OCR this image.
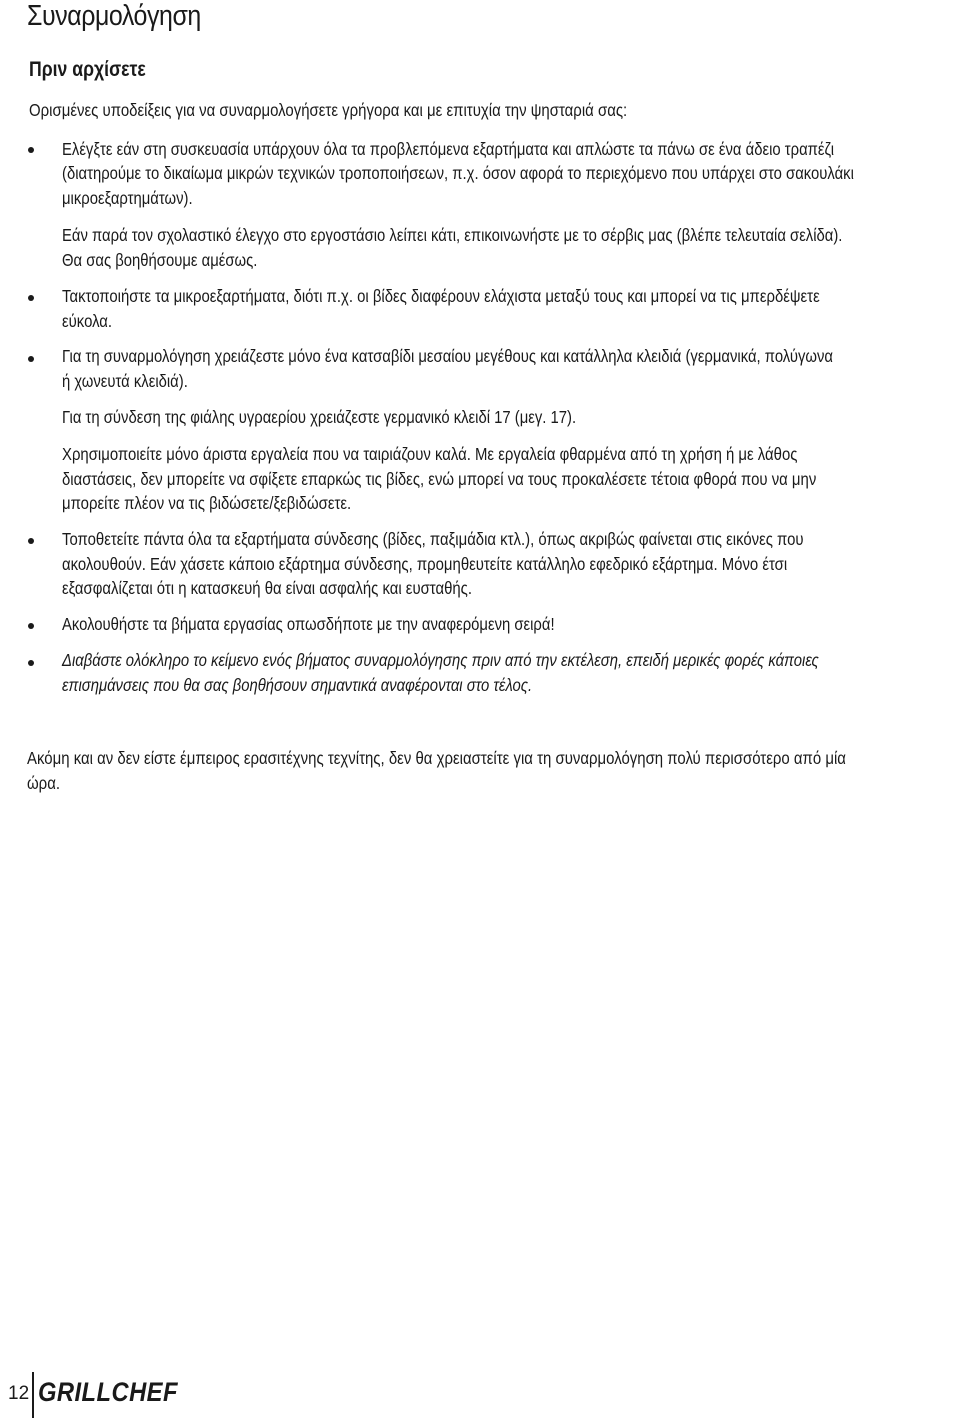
Συναρμολόγηση
Πριν αρχίσετε
Ορισμένες υποδείξεις για να συναρμολογήσετε γρήγορα και με επιτυχία την ψησταριά σας:
Ελέγξτε εάν στη συσκευασία υπάρχουν όλα τα προβλεπόμενα εξαρτήματα και απλώστε τα πάνω σε ένα άδειο τραπέζι
(διατηρούμε το δικαίωμα μικρών τεχνικών τροποποιήσεων, π.χ. όσον αφορά το περιεχόμενο που υπάρχει στο σακουλάκι
μικροεξαρτημάτων).
Εάν παρά τον σχολαστικό έλεγχο στο εργοστάσιο λείπει κάτι, επικοινωνήστε με το σέρβις μας (βλέπε τελευταία σελίδα).
Θα σας βοηθήσουμε αμέσως.
Τακτοποιήστε τα μικροεξαρτήματα, διότι π.χ. οι βίδες διαφέρουν ελάχιστα μεταξύ τους και μπορεί να τις μπερδέψετε
εύκολα.
Για τη συναρμολόγηση χρειάζεστε μόνο ένα κατσαβίδι μεσαίου μεγέθους και κατάλληλα κλειδιά (γερμανικά, πολύγωνα
ή χωνευτά κλειδιά).
Για τη σύνδεση της φιάλης υγραερίου χρειάζεστε γερμανικό κλειδί 17 (μεγ. 17).
Χρησιμοποιείτε μόνο άριστα εργαλεία που να ταιριάζουν καλά. Με εργαλεία φθαρμένα από τη χρήση ή με λάθος
διαστάσεις, δεν μπορείτε να σφίξετε επαρκώς τις βίδες, ενώ μπορεί να τους προκαλέσετε τέτοια φθορά που να μην
μπορείτε πλέον να τις βιδώσετε/ξεβιδώσετε.
Τοποθετείτε πάντα όλα τα εξαρτήματα σύνδεσης (βίδες, παξιμάδια κτλ.), όπως ακριβώς φαίνεται στις εικόνες που
ακολουθούν. Εάν χάσετε κάποιο εξάρτημα σύνδεσης, προμηθευτείτε κατάλληλο εφεδρικό εξάρτημα. Μόνο έτσι
εξασφαλίζεται ότι η κατασκευή θα είναι ασφαλής και ευσταθής.
Ακολουθήστε τα βήματα εργασίας οπωσδήποτε με την αναφερόμενη σειρά!
Διαβάστε ολόκληρο το κείμενο ενός βήματος συναρμολόγησης πριν από την εκτέλεση, επειδή μερικές φορές κάποιες
επισημάνσεις που θα σας βοηθήσουν σημαντικά αναφέρονται στο τέλος.
Ακόμη και αν δεν είστε έμπειρος ερασιτέχνης τεχνίτης, δεν θα χρειαστείτε για τη συναρμολόγηση πολύ περισσότερο από μία
ώρα.
12 GRILLCHEF
